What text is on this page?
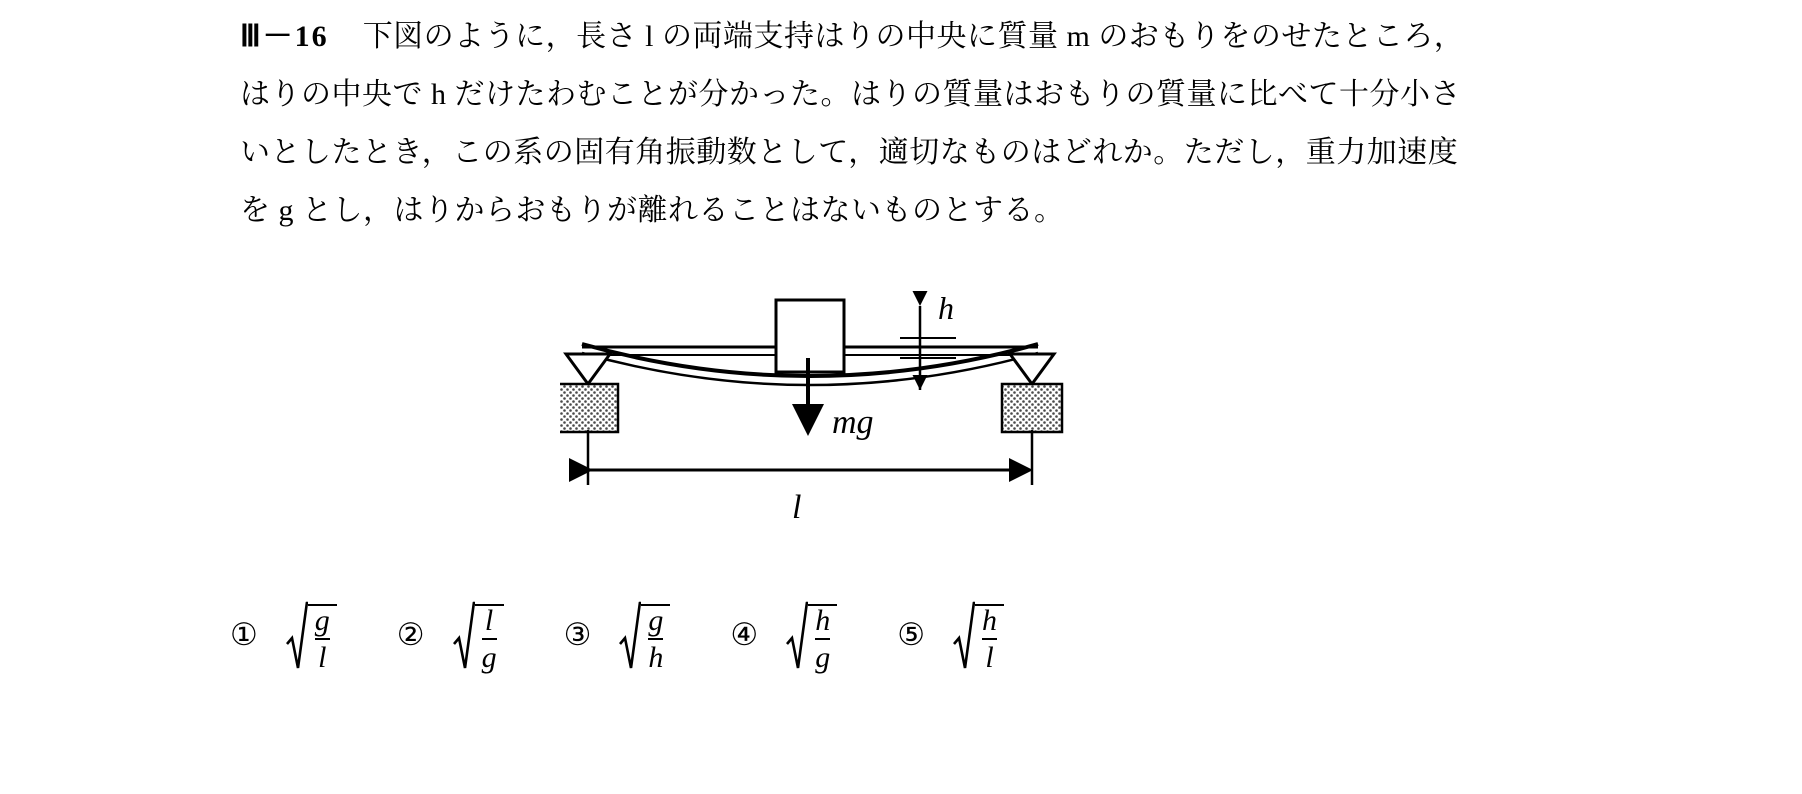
Ⅲ－16 下図のように，長さ l の両端支持はりの中央に質量 m のおもりをのせたところ，
はりの中央で h だけたわむことが分かった。はりの質量はおもりの質量に比べて十分小さ
いとしたとき，この系の固有角振動数として，適切なものはどれか。ただし，重力加速度
を g とし，はりからおもりが離れることはないものとする。
h
mg
l
① $\frac{g}{l}$ ② $\frac{l}{g}$ ③ $\frac{g}{h}$ ④ $\frac{h}{g}$ ⑤ $\frac{h}{l}$
